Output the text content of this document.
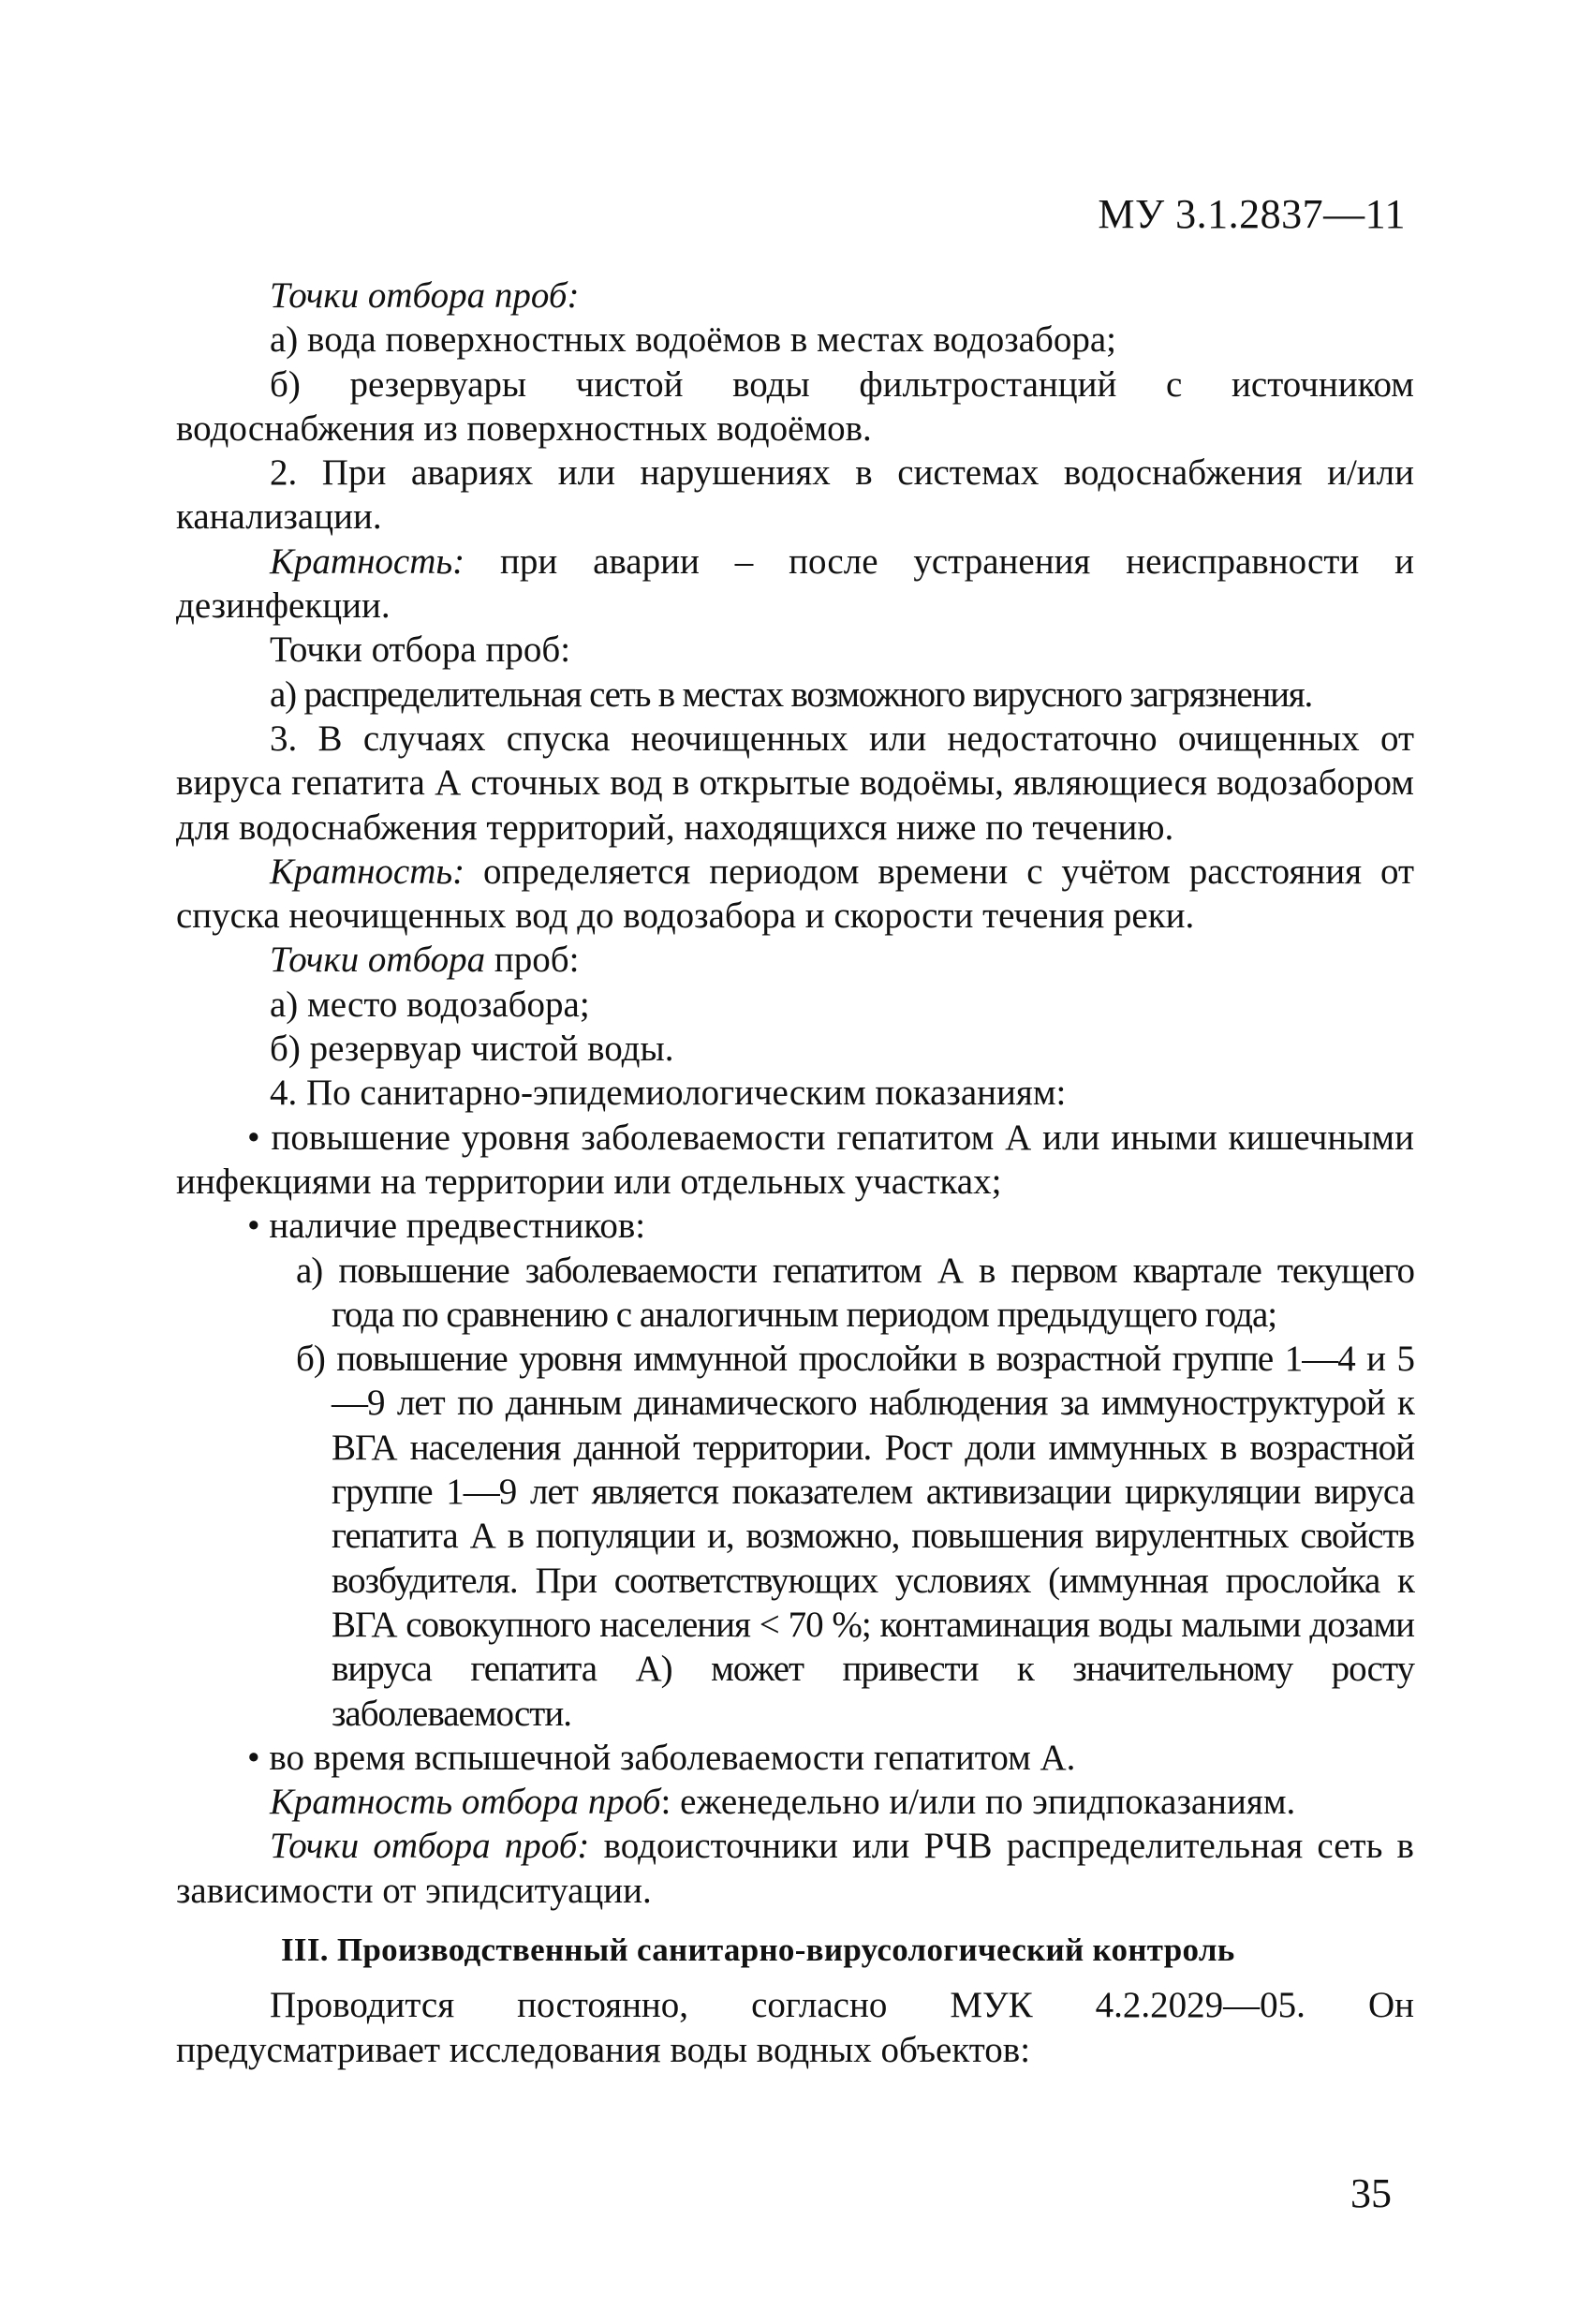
МУ 3.1.2837—11

Точки отбора проб:

а) вода поверхностных водоёмов в местах водозабора;

б) резервуары чистой воды фильтростанций с источником водоснабжения из поверхностных водоёмов.

2. При авариях или нарушениях в системах водоснабжения и/или канализации.

Кратность: при аварии – после устранения неисправности и дезинфекции.

Точки отбора проб:

а) распределительная сеть в местах возможного вирусного загрязнения.

3. В случаях спуска неочищенных или недостаточно очищенных от вируса гепатита А сточных вод в открытые водоёмы, являющиеся водозабором для водоснабжения территорий, находящихся ниже по течению.

Кратность: определяется периодом времени с учётом расстояния от спуска неочищенных вод до водозабора и скорости течения реки.

Точки отбора проб:

а) место водозабора;

б) резервуар чистой воды.

4. По санитарно-эпидемиологическим показаниям:

• повышение уровня заболеваемости гепатитом А или иными кишечными инфекциями на территории или отдельных участках;

• наличие предвестников:

а) повышение заболеваемости гепатитом А в первом квартале текущего года по сравнению с аналогичным периодом предыдущего года;

б) повышение уровня иммунной прослойки в возрастной группе 1—4 и 5—9 лет по данным динамического наблюдения за иммуноструктурой к ВГА населения данной территории. Рост доли иммунных в возрастной группе 1—9 лет является показателем активизации циркуляции вируса гепатита А в популяции и, возможно, повышения вирулентных свойств возбудителя. При соответствующих условиях (иммунная прослойка к ВГА совокупного населения < 70 %; контаминация воды малыми дозами вируса гепатита А) может привести к значительному росту заболеваемости.

• во время вспышечной заболеваемости гепатитом А.

Кратность отбора проб: еженедельно и/или по эпидпоказаниям.

Точки отбора проб: водоисточники или РЧВ распределительная сеть в зависимости от эпидситуации.

III. Производственный санитарно-вирусологический контроль

Проводится постоянно, согласно МУК 4.2.2029—05. Он предусматривает исследования воды водных объектов:

35
